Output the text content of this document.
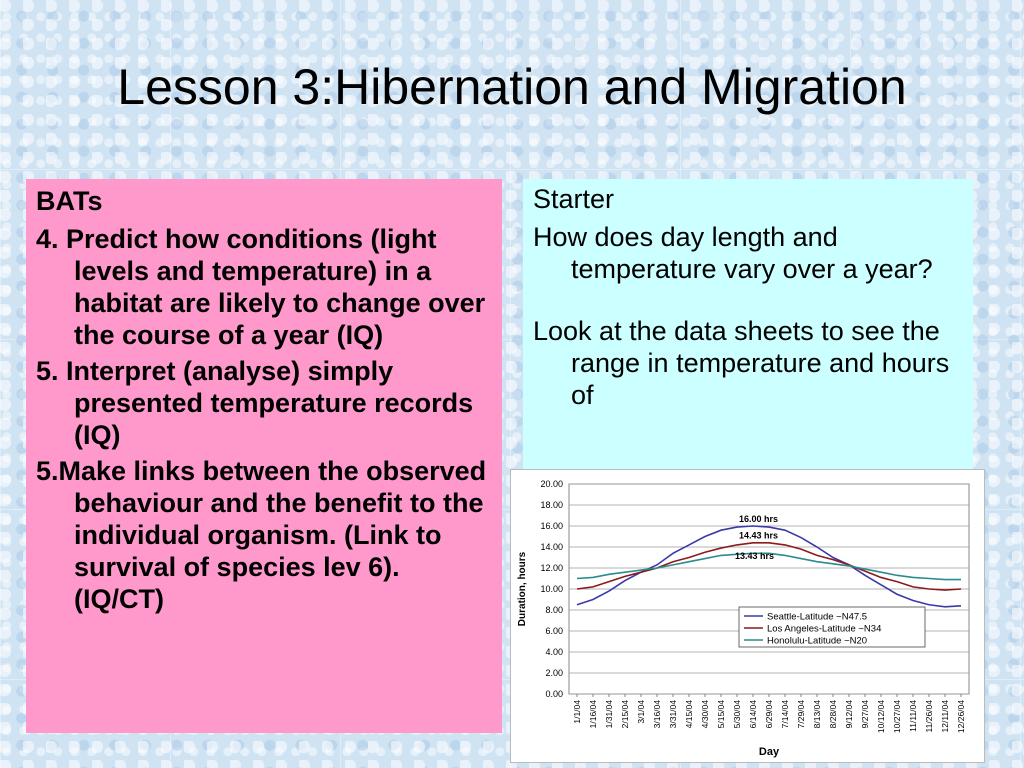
Lesson 3:Hibernation and Migration

BATs

4. Predict how conditions (light levels and temperature) in a habitat are likely to change over the course of a year (IQ)

5. Interpret (analyse) simply presented temperature records (IQ)

5.Make links between the observed behaviour and the benefit to the individual organism. (Link to survival of species lev 6). (IQ/CT)

Starter

How does day length and temperature vary over a year?

Look at the data sheets to see the range in temperature and hours of

0.00
2.00
4.00
6.00
8.00
10.00
12.00
14.00
16.00
18.00
20.00
1/1/04 1/16/04 1/31/04 2/15/04 3/1/04 3/16/04 3/31/04 4/15/04 4/30/04 5/15/04 5/30/04 6/14/04 6/29/04 7/14/04 7/29/04 8/13/04 8/28/04 9/12/04 9/27/04 10/12/04 10/27/04 11/11/04 11/26/04 12/11/04 12/26/04
Day
Duration, hours
16.00 hrs
14.43 hrs
13.43 hrs
Seattle-Latitude ~N47.5
Los Angeles-Latitude ~N34
Honolulu-Latitude ~N20
